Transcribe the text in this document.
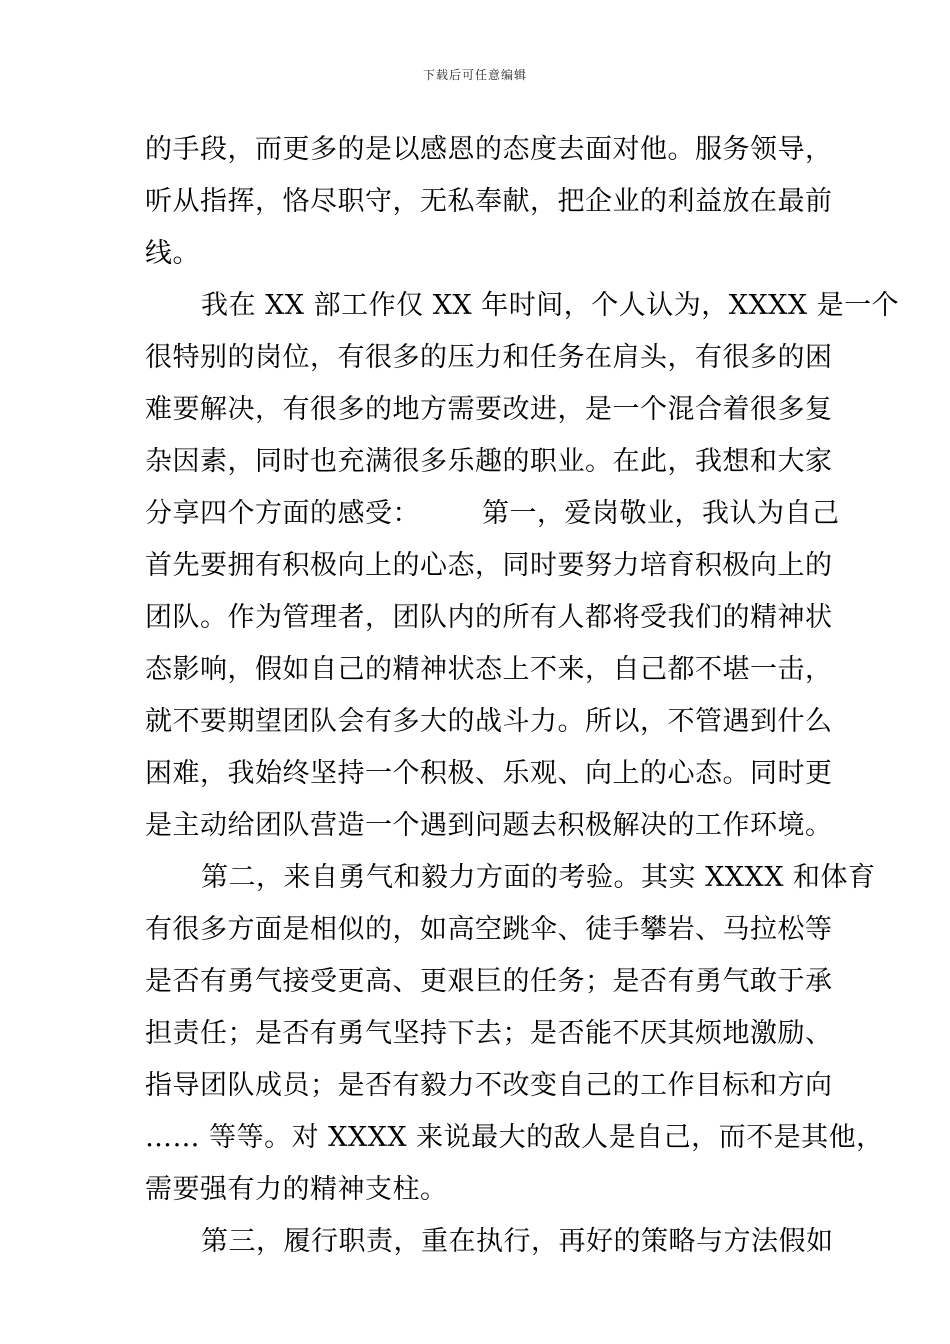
下载后可任意编辑
的手段，而更多的是以感恩的态度去面对他。服务领导，
听从指挥，恪尽职守，无私奉献，把企业的利益放在最前
线。
我在 XX 部工作仅 XX 年时间，个人认为，XXXX 是一个
很特别的岗位，有很多的压力和任务在肩头，有很多的困
难要解决，有很多的地方需要改进，是一个混合着很多复
杂因素，同时也充满很多乐趣的职业。在此，我想和大家
分享四个方面的感受： 第一，爱岗敬业，我认为自己
首先要拥有积极向上的心态，同时要努力培育积极向上的
团队。作为管理者，团队内的所有人都将受我们的精神状
态影响，假如自己的精神状态上不来，自己都不堪一击，
就不要期望团队会有多大的战斗力。所以，不管遇到什么
困难，我始终坚持一个积极、乐观、向上的心态。同时更
是主动给团队营造一个遇到问题去积极解决的工作环境。
第二，来自勇气和毅力方面的考验。其实 XXXX 和体育
有很多方面是相似的，如高空跳伞、徒手攀岩、马拉松等
是否有勇气接受更高、更艰巨的任务；是否有勇气敢于承
担责任；是否有勇气坚持下去；是否能不厌其烦地激励、
指导团队成员；是否有毅力不改变自己的工作目标和方向
…… 等等。对 XXXX 来说最大的敌人是自己，而不是其他，
需要强有力的精神支柱。
第三，履行职责，重在执行，再好的策略与方法假如
